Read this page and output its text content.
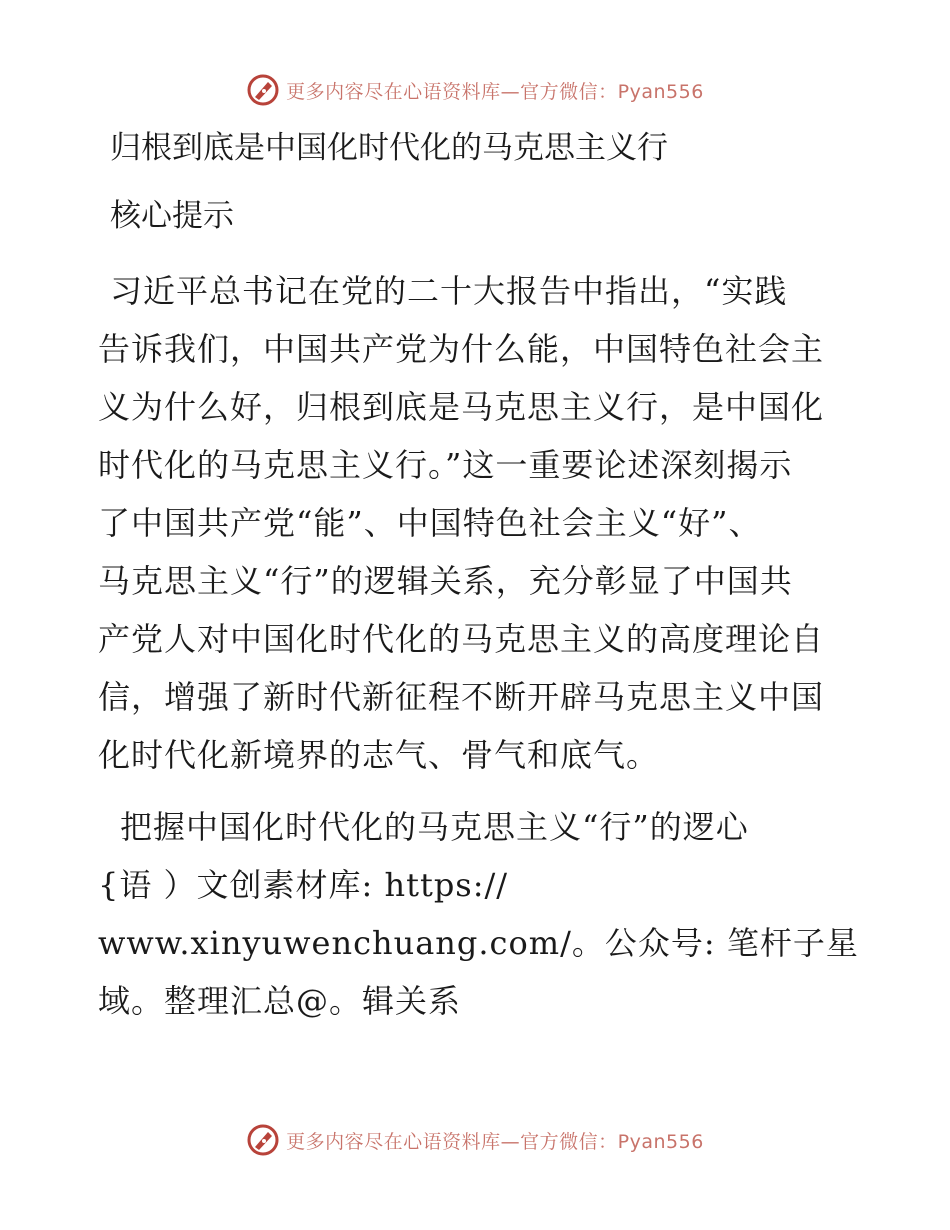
更多内容尽在心语资料库—官方微信：Pyan556
归根到底是中国化时代化的马克思主义行
核心提示

习近平总书记在党的二十大报告中指出，“实践
告诉我们，中国共产党为什么能，中国特色社会主
义为什么好，归根到底是马克思主义行，是中国化
时代化的马克思主义行。”这一重要论述深刻揭示
了中国共产党“能”、中国特色社会主义“好”、
马克思主义“行”的逻辑关系，充分彰显了中国共
产党人对中国化时代化的马克思主义的高度理论自
信，增强了新时代新征程不断开辟马克思主义中国
化时代化新境界的志气、骨气和底气。

把握中国化时代化的马克思主义“行”的逻心

{语 ）文创素材库: https://
www.xinyuwenchuang.com/。公众号: 笔杆子星
域。整理汇总@。辑关系
更多内容尽在心语资料库—官方微信：Pyan556
